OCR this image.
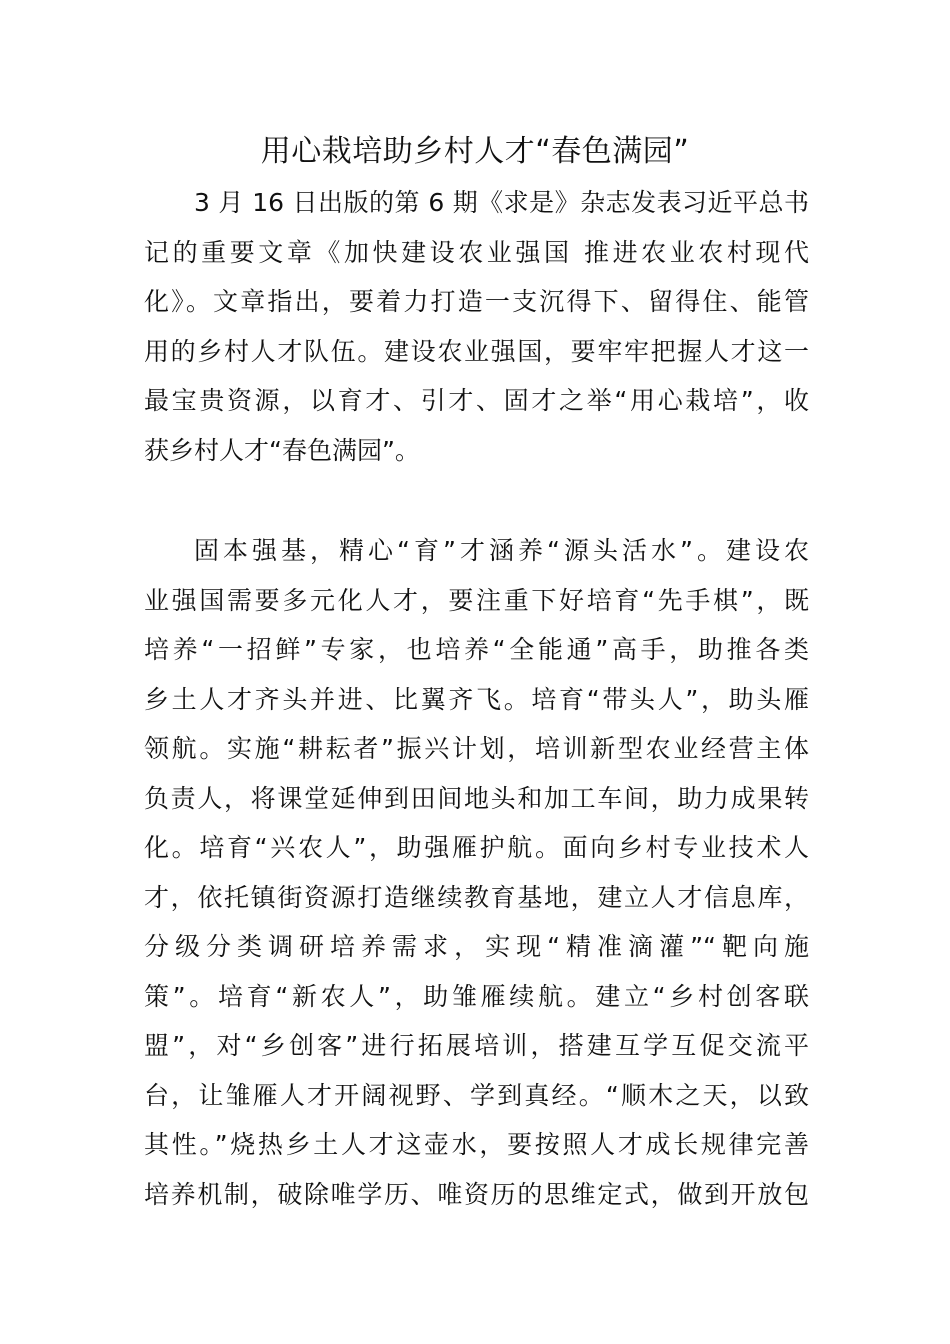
用心栽培助乡村人才“春色满园”
3 月 16 日出版的第 6 期《求是》杂志发表习近平总书
记的重要文章《加快建设农业强国 推进农业农村现代
化》。文章指出，要着力打造一支沉得下、留得住、能管
用的乡村人才队伍。建设农业强国，要牢牢把握人才这一
最宝贵资源，以育才、引才、固才之举“用心栽培”，收
获乡村人才“春色满园”。
固本强基，精心“育”才涵养“源头活水”。建设农
业强国需要多元化人才，要注重下好培育“先手棋”，既
培养“一招鲜”专家，也培养“全能通”高手，助推各类
乡土人才齐头并进、比翼齐飞。培育“带头人”，助头雁
领航。实施“耕耘者”振兴计划，培训新型农业经营主体
负责人，将课堂延伸到田间地头和加工车间，助力成果转
化。培育“兴农人”，助强雁护航。面向乡村专业技术人
才，依托镇街资源打造继续教育基地，建立人才信息库，
分级分类调研培养需求，实现“精准滴灌”“靶向施
策”。培育“新农人”，助雏雁续航。建立“乡村创客联
盟”，对“乡创客”进行拓展培训，搭建互学互促交流平
台，让雏雁人才开阔视野、学到真经。“顺木之天，以致
其性。”烧热乡土人才这壶水，要按照人才成长规律完善
培养机制，破除唯学历、唯资历的思维定式，做到开放包
